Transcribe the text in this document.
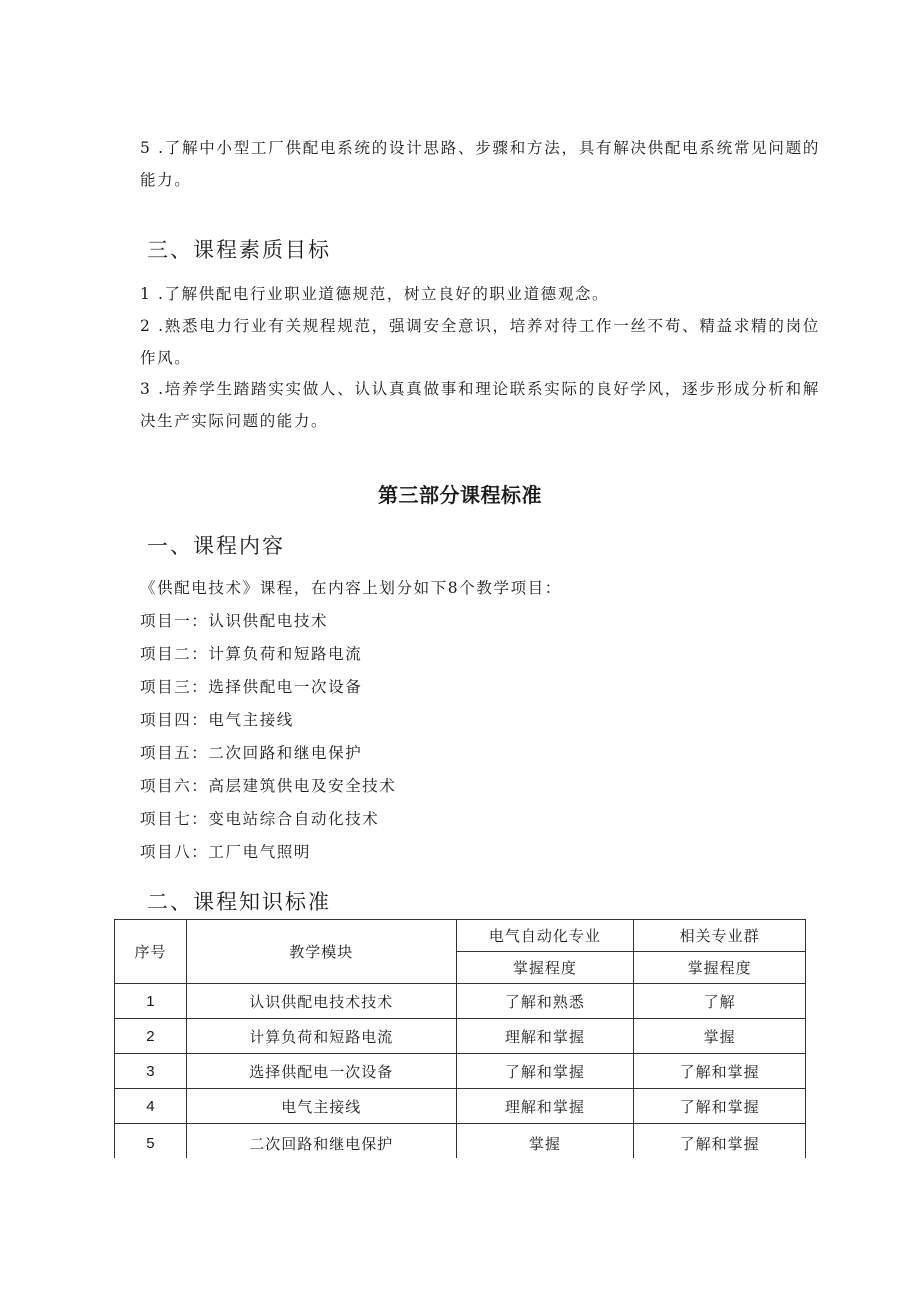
5 .了解中小型工厂供配电系统的设计思路、步骤和方法，具有解决供配电系统常见问题的能力。

三、课程素质目标

1 .了解供配电行业职业道德规范，树立良好的职业道德观念。

2 .熟悉电力行业有关规程规范，强调安全意识，培养对待工作一丝不苟、精益求精的岗位作风。

3 .培养学生踏踏实实做人、认认真真做事和理论联系实际的良好学风，逐步形成分析和解决生产实际问题的能力。

第三部分课程标准
一、课程内容

《供配电技术》课程，在内容上划分如下8个教学项目：

项目一：认识供配电技术

项目二：计算负荷和短路电流

项目三：选择供配电一次设备

项目四：电气主接线

项目五：二次回路和继电保护

项目六：高层建筑供电及安全技术

项目七：变电站综合自动化技术

项目八：工厂电气照明

二、课程知识标准
序号	教学模块	电气自动化专业	相关专业群
		掌握程度	掌握程度
1	认识供配电技术技术	了解和熟悉	了解
2	计算负荷和短路电流	理解和掌握	掌握
3	选择供配电一次设备	了解和掌握	了解和掌握
4	电气主接线	理解和掌握	了解和掌握
5	二次回路和继电保护	掌握	了解和掌握
